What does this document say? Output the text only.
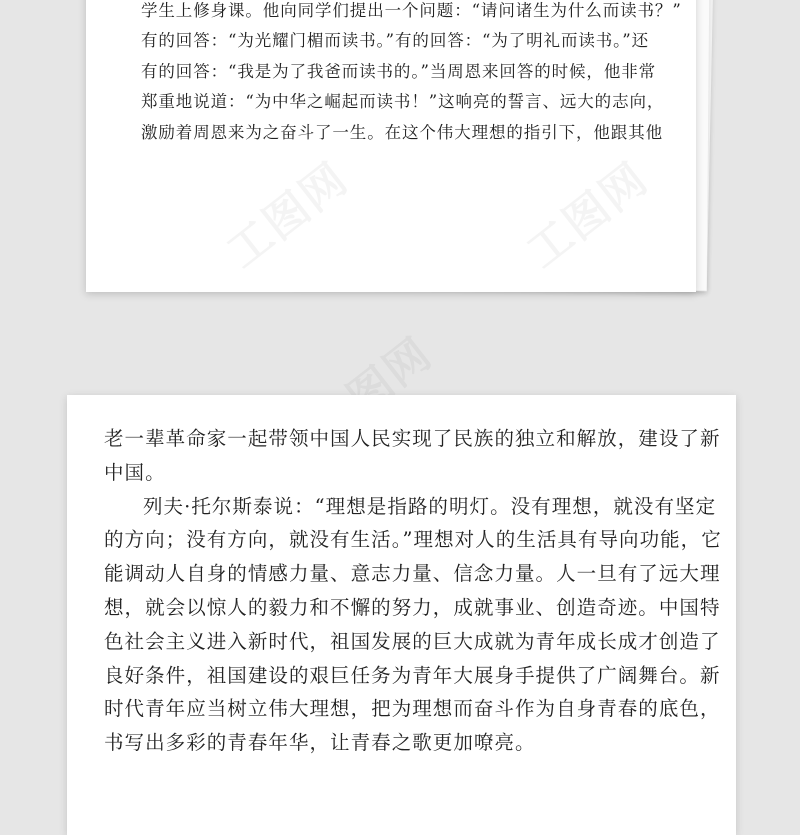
学生上修身课。他向同学们提出一个问题：“请问诸生为什么而读书？”
有的回答：“为光耀门楣而读书。”有的回答：“为了明礼而读书。”还
有的回答：“我是为了我爸而读书的。”当周恩来回答的时候，他非常
郑重地说道：“为中华之崛起而读书！”这响亮的誓言、远大的志向，
激励着周恩来为之奋斗了一生。在这个伟大理想的指引下，他跟其他
老一辈革命家一起带领中国人民实现了民族的独立和解放，建设了新
中国。
列夫·托尔斯泰说：“理想是指路的明灯。没有理想，就没有坚定
的方向；没有方向，就没有生活。”理想对人的生活具有导向功能，它
能调动人自身的情感力量、意志力量、信念力量。人一旦有了远大理
想，就会以惊人的毅力和不懈的努力，成就事业、创造奇迹。中国特
色社会主义进入新时代，祖国发展的巨大成就为青年成长成才创造了
良好条件，祖国建设的艰巨任务为青年大展身手提供了广阔舞台。新
时代青年应当树立伟大理想，把为理想而奋斗作为自身青春的底色，
书写出多彩的青春年华，让青春之歌更加嘹亮。
